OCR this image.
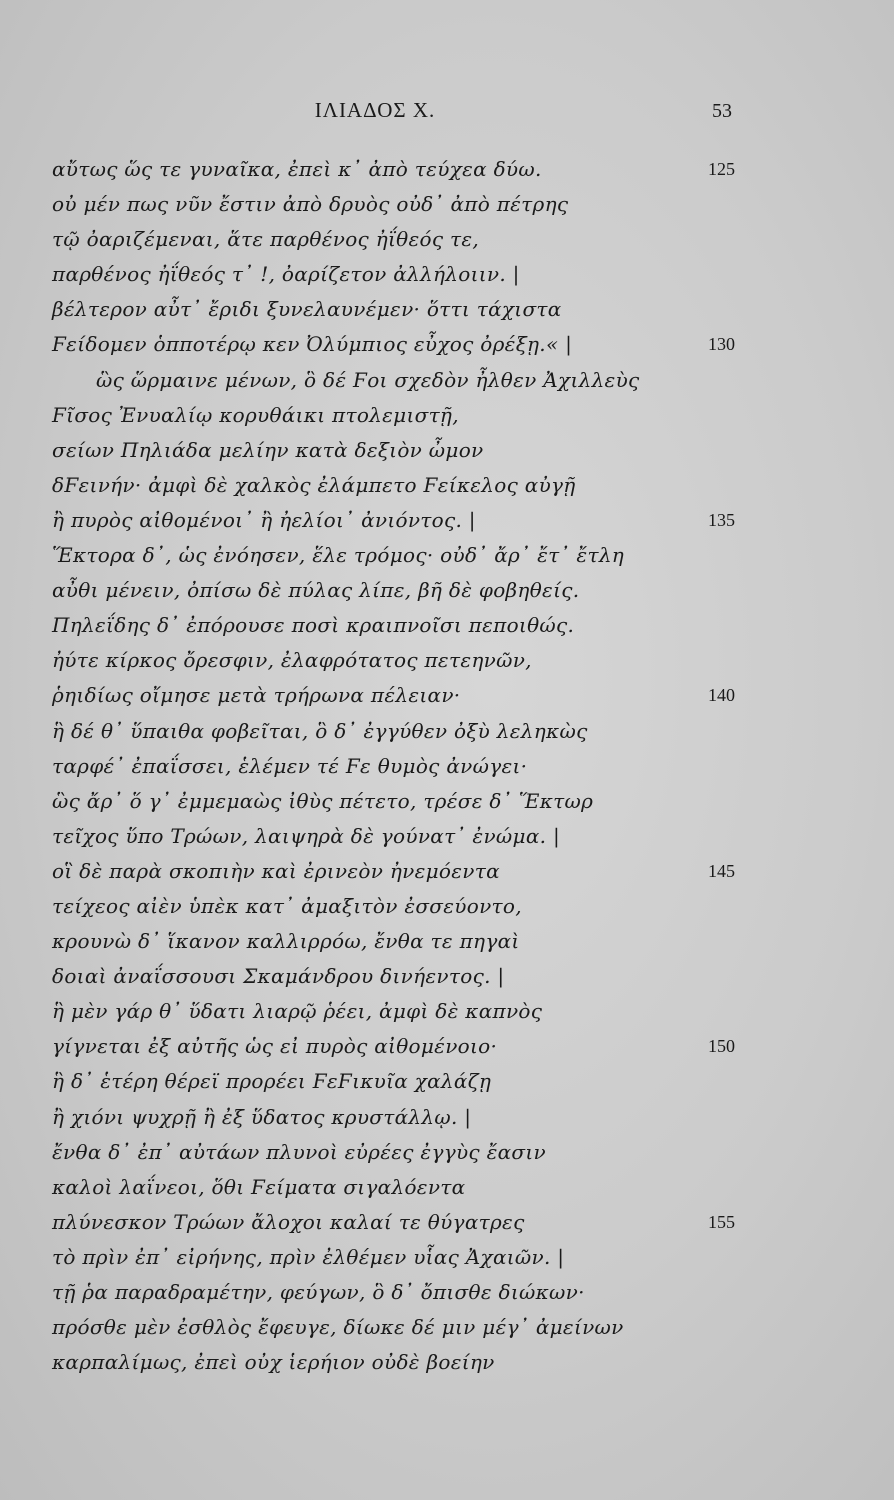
ΙΛΙΑΔΟΣ Χ.	53
αὔτως ὥς τε γυναῖκα, ἐπεὶ κ᾽ ἀπὸ τεύχεα δύω.	125
οὐ μέν πως νῦν ἔστιν ἀπὸ δρυὸς οὐδ᾽ ἀπὸ πέτρης
τῷ ὀαριζέμεναι, ἅτε παρθένος ἠΐθεός τε,
παρθένος ἠΐθεός τ᾽ !, ὀαρίζετον ἀλλήλοιιν. |
βέλτερον αὖτ᾽ ἔριδι ξυνελαυνέμεν· ὅττι τάχιστα
Ϝείδομεν ὁπποτέρῳ κεν Ὀλύμπιος εὖχος ὀρέξῃ.« |	130
ὣς ὥρμαινε μένων, ὃ δέ Ϝοι σχεδὸν ἦλθεν Ἀχιλλεὺς
Ϝῖσος Ἐνυαλίῳ κορυθάικι πτολεμιστῇ,
σείων Πηλιάδα μελίην κατὰ δεξιὸν ὦμον
δϜεινήν· ἀμφὶ δὲ χαλκὸς ἐλάμπετο Ϝείκελος αὐγῇ
ἢ πυρὸς αἰθομένοι᾽ ἢ ἠελίοι᾽ ἀνιόντος. |	135
Ἕκτορα δ᾽, ὡς ἐνόησεν, ἕλε τρόμος· οὐδ᾽ ἄρ᾽ ἔτ᾽ ἔτλη
αὖθι μένειν, ὀπίσω δὲ πύλας λίπε, βῆ δὲ φοβηθείς.
Πηλεΐδης δ᾽ ἐπόρουσε ποσὶ κραιπνοῖσι πεποιθώς.
ἠύτε κίρκος ὄρεσφιν, ἐλαφρότατος πετεηνῶν,
ῥηιδίως οἴμησε μετὰ τρήρωνα πέλειαν·	140
ἣ δέ θ᾽ ὕπαιθα φοβεῖται, ὃ δ᾽ ἐγγύθεν ὀξὺ λεληκὼς
ταρφέ᾽ ἐπαΐσσει, ἑλέμεν τέ Ϝε θυμὸς ἀνώγει·
ὣς ἄρ᾽ ὅ γ᾽ ἐμμεμαὼς ἰθὺς πέτετο, τρέσε δ᾽ Ἕκτωρ
τεῖχος ὕπο Τρώων, λαιψηρὰ δὲ γούνατ᾽ ἐνώμα. |
οἳ δὲ παρὰ σκοπιὴν καὶ ἐρινεὸν ἠνεμόεντα	145
τείχεος αἰὲν ὑπὲκ κατ᾽ ἀμαξιτὸν ἐσσεύοντο,
κρουνὼ δ᾽ ἵκανον καλλιρρόω, ἔνθα τε πηγαὶ
δοιαὶ ἀναΐσσουσι Σκαμάνδρου δινήεντος. |
ἣ μὲν γάρ θ᾽ ὕδατι λιαρῷ ῥέει, ἀμφὶ δὲ καπνὸς
γίγνεται ἐξ αὐτῆς ὡς εἰ πυρὸς αἰθομένοιο·	150
ἣ δ᾽ ἑτέρη θέρεϊ προρέει ϜεϜικυῖα χαλάζῃ
ἢ χιόνι ψυχρῇ ἢ ἐξ ὕδατος κρυστάλλῳ. |
ἔνθα δ᾽ ἐπ᾽ αὐτάων πλυνοὶ εὐρέες ἐγγὺς ἔασιν
καλοὶ λαΐνεοι, ὅθι Ϝείματα σιγαλόεντα
πλύνεσκον Τρώων ἄλοχοι καλαί τε θύγατρες	155
τὸ πρὶν ἐπ᾽ εἰρήνης, πρὶν ἐλθέμεν υἷας Ἀχαιῶν. |
τῇ ῥα παραδραμέτην, φεύγων, ὃ δ᾽ ὄπισθε διώκων·
πρόσθε μὲν ἐσθλὸς ἔφευγε, δίωκε δέ μιν μέγ᾽ ἀμείνων
καρπαλίμως, ἐπεὶ οὐχ ἱερήιον οὐδὲ βοείην
